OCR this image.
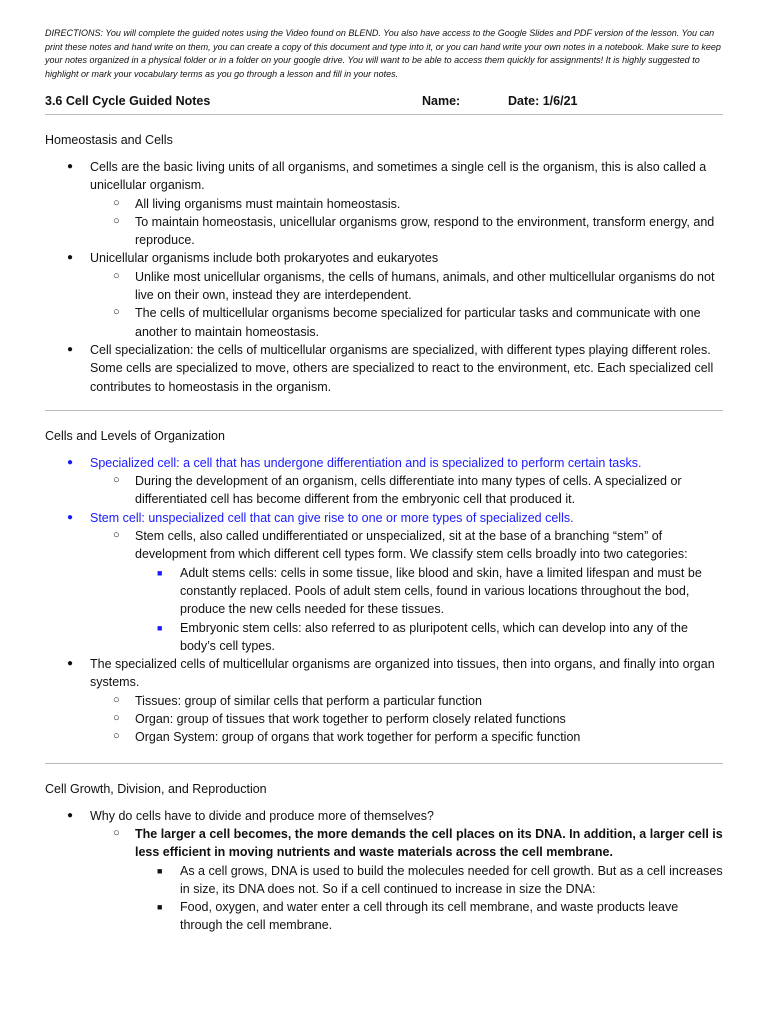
DIRECTIONS: You will complete the guided notes using the Video found on BLEND. You also have access to the Google Slides and PDF version of the lesson. You can print these notes and hand write on them, you can create a copy of this document and type into it, or you can hand write your own notes in a notebook. Make sure to keep your notes organized in a physical folder or in a folder on your google drive. You will want to be able to access them quickly for assignments! It is highly suggested to highlight or mark your vocabulary terms as you go through a lesson and fill in your notes.

3.6 Cell Cycle Guided Notes	Name:	Date: 1/6/21

Homeostasis and Cells

● Cells are the basic living units of all organisms, and sometimes a single cell is the organism, this is also called a unicellular organism.
○ All living organisms must maintain homeostasis.
○ To maintain homeostasis, unicellular organisms grow, respond to the environment, transform energy, and reproduce.
● Unicellular organisms include both prokaryotes and eukaryotes
○ Unlike most unicellular organisms, the cells of humans, animals, and other multicellular organisms do not live on their own, instead they are interdependent.
○ The cells of multicellular organisms become specialized for particular tasks and communicate with one another to maintain homeostasis.
● Cell specialization: the cells of multicellular organisms are specialized, with different types playing different roles. Some cells are specialized to move, others are specialized to react to the environment, etc. Each specialized cell contributes to homeostasis in the organism.

Cells and Levels of Organization

● Specialized cell: a cell that has undergone differentiation and is specialized to perform certain tasks.
○ During the development of an organism, cells differentiate into many types of cells. A specialized or differentiated cell has become different from the embryonic cell that produced it.
● Stem cell: unspecialized cell that can give rise to one or more types of specialized cells.
○ Stem cells, also called undifferentiated or unspecialized, sit at the base of a branching “stem” of development from which different cell types form. We classify stem cells broadly into two categories:
■ Adult stems cells: cells in some tissue, like blood and skin, have a limited lifespan and must be constantly replaced. Pools of adult stem cells, found in various locations throughout the bod, produce the new cells needed for these tissues.
■ Embryonic stem cells: also referred to as pluripotent cells, which can develop into any of the body’s cell types.
● The specialized cells of multicellular organisms are organized into tissues, then into organs, and finally into organ systems.
○ Tissues: group of similar cells that perform a particular function
○ Organ: group of tissues that work together to perform closely related functions
○ Organ System: group of organs that work together for perform a specific function

Cell Growth, Division, and Reproduction

● Why do cells have to divide and produce more of themselves?
○ The larger a cell becomes, the more demands the cell places on its DNA. In addition, a larger cell is less efficient in moving nutrients and waste materials across the cell membrane.
■ As a cell grows, DNA is used to build the molecules needed for cell growth. But as a cell increases in size, its DNA does not. So if a cell continued to increase in size the DNA:
■ Food, oxygen, and water enter a cell through its cell membrane, and waste products leave through the cell membrane.
